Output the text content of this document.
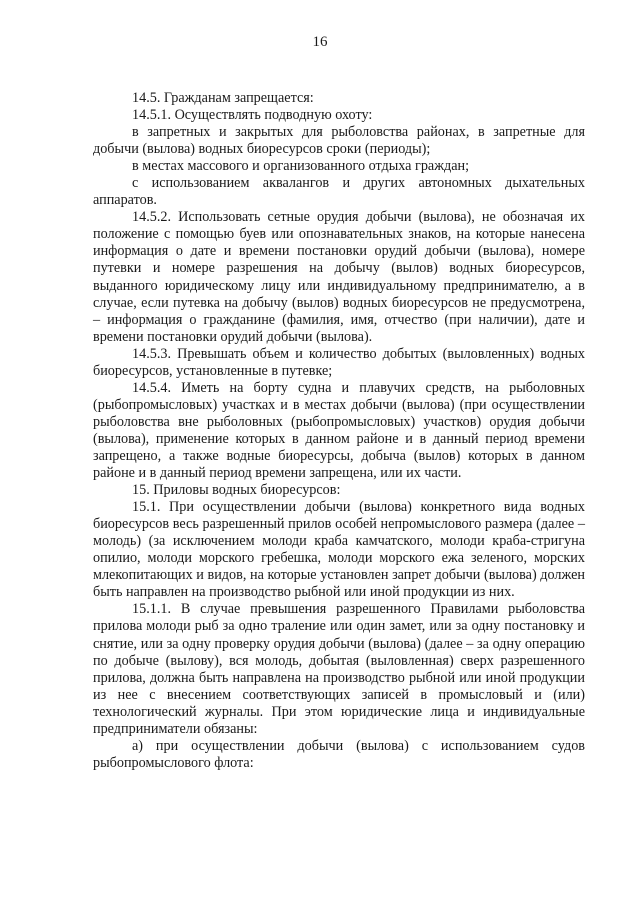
16

14.5. Гражданам запрещается:

14.5.1. Осуществлять подводную охоту:

в запретных и закрытых для рыболовства районах, в запретные для добычи (вылова) водных биоресурсов сроки (периоды);

в местах массового и организованного отдыха граждан;

с использованием аквалангов и других автономных дыхательных аппаратов.

14.5.2. Использовать сетные орудия добычи (вылова), не обозначая их положение с помощью буев или опознавательных знаков, на которые нанесена информация о дате и времени постановки орудий добычи (вылова), номере путевки и номере разрешения на добычу (вылов) водных биоресурсов, выданного юридическому лицу или индивидуальному предпринимателю, а в случае, если путевка на добычу (вылов) водных биоресурсов не предусмотрена, – информация о гражданине (фамилия, имя, отчество (при наличии), дате и времени постановки орудий добычи (вылова).

14.5.3. Превышать объем и количество добытых (выловленных) водных биоресурсов, установленные в путевке;

14.5.4. Иметь на борту судна и плавучих средств, на рыболовных (рыбопромысловых) участках и в местах добычи (вылова) (при осуществлении рыболовства вне рыболовных (рыбопромысловых) участков) орудия добычи (вылова), применение которых в данном районе и в данный период времени запрещено, а также водные биоресурсы, добыча (вылов) которых в данном районе и в данный период времени запрещена, или их части.

15. Приловы водных биоресурсов:

15.1. При осуществлении добычи (вылова) конкретного вида водных биоресурсов весь разрешенный прилов особей непромыслового размера (далее – молодь) (за исключением молоди краба камчатского, молоди краба-стригуна опилио, молоди морского гребешка, молоди морского ежа зеленого, морских млекопитающих и видов, на которые установлен запрет добычи (вылова) должен быть направлен на производство рыбной или иной продукции из них.

15.1.1. В случае превышения разрешенного Правилами рыболовства прилова молоди рыб за одно траление или один замет, или за одну постановку и снятие, или за одну проверку орудия добычи (вылова) (далее – за одну операцию по добыче (вылову), вся молодь, добытая (выловленная) сверх разрешенного прилова, должна быть направлена на производство рыбной или иной продукции из нее с внесением соответствующих записей в промысловый и (или) технологический журналы. При этом юридические лица и индивидуальные предприниматели обязаны:

а) при осуществлении добычи (вылова) с использованием судов рыбопромыслового флота:
